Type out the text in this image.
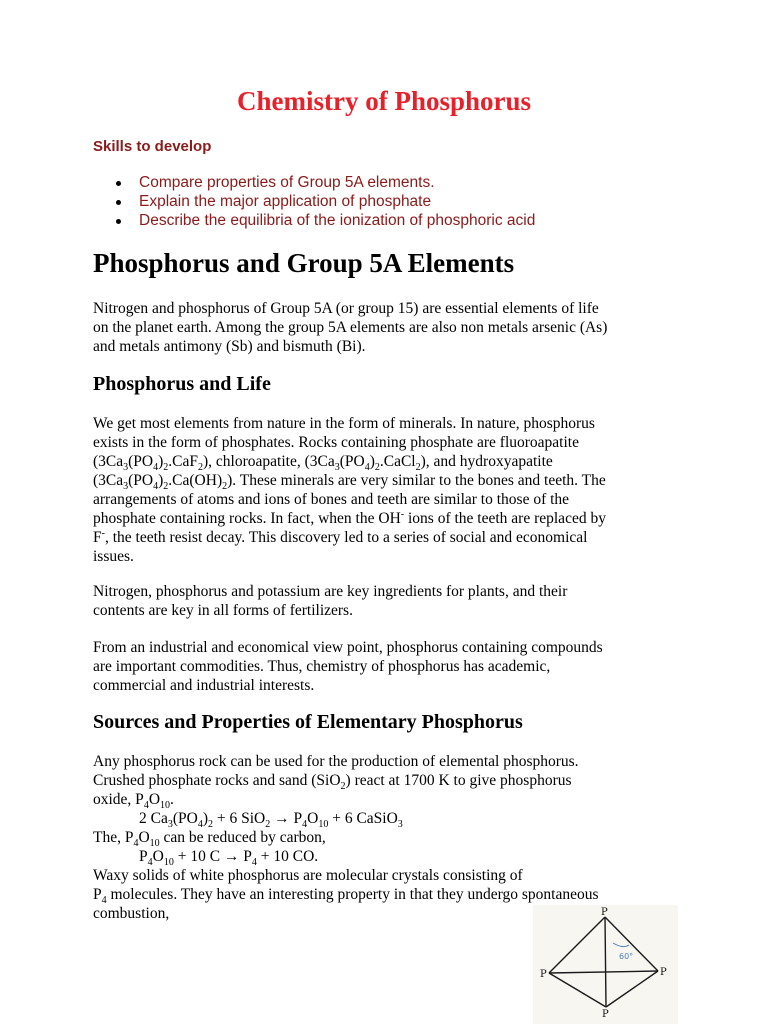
Chemistry of Phosphorus
Skills to develop
Compare properties of Group 5A elements.
Explain the major application of phosphate
Describe the equilibria of the ionization of phosphoric acid
Phosphorus and Group 5A Elements
Nitrogen and phosphorus of Group 5A (or group 15) are essential elements of life
on the planet earth. Among the group 5A elements are also non metals arsenic (As)
and metals antimony (Sb) and bismuth (Bi).
Phosphorus and Life
We get most elements from nature in the form of minerals. In nature, phosphorus
exists in the form of phosphates. Rocks containing phosphate are fluoroapatite
$(3Ca_3(PO_4)_2.CaF_2)$, chloroapatite, $(3Ca_3(PO_4)_2.CaCl_2)$, and hydroxyapatite
$(3Ca_3(PO_4)_2.Ca(OH)_2)$. These minerals are very similar to the bones and teeth. The
arrangements of atoms and ions of bones and teeth are similar to those of the
phosphate containing rocks. In fact, when the OH- ions of the teeth are replaced by
F-, the teeth resist decay. This discovery led to a series of social and economical
issues.
Nitrogen, phosphorus and potassium are key ingredients for plants, and their
contents are key in all forms of fertilizers.
From an industrial and economical view point, phosphorus containing compounds
are important commodities. Thus, chemistry of phosphorus has academic,
commercial and industrial interests.
Sources and Properties of Elementary Phosphorus
Any phosphorus rock can be used for the production of elemental phosphorus.
Crushed phosphate rocks and sand (SiO$_2$) react at 1700 K to give phosphorus
oxide, $P_4O_{10}$.
2 $Ca_3(PO_4)_2 + 6$ $SiO_2 \to P_4O_{10} + 6$ CaSiO$_3$
The, $P_4O_{10}$ can be reduced by carbon,
$P_4O_{10} + 10$ $C \to P_4 + 10$ CO.
Waxy solids of white phosphorus are molecular crystals consisting of
$P_4$ molecules. They have an interesting property in that they undergo spontaneous
combustion,
60°
P
P	P
P
